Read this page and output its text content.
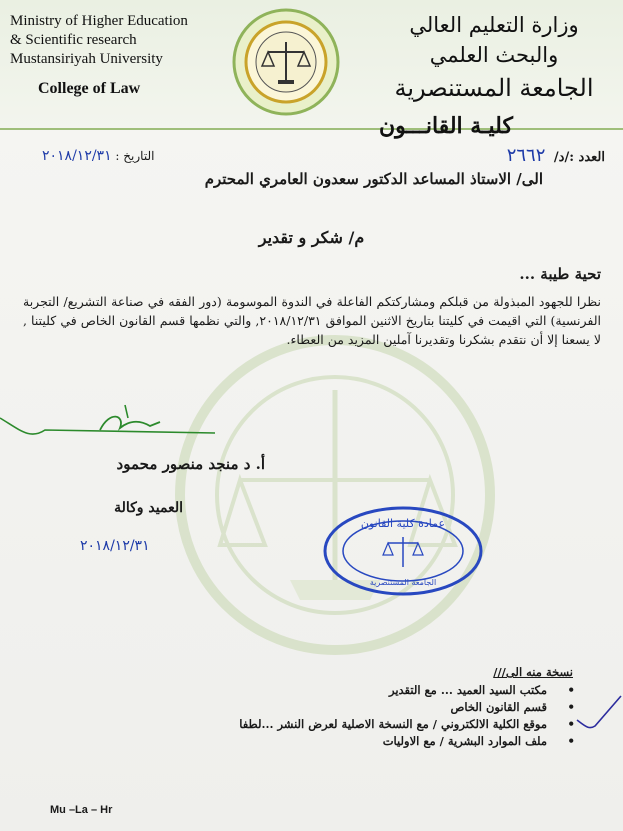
Ministry of Higher Education
& Scientific research
Mustansiriyah University
College of Law
وزارة التعليم العالي والبحث العلمي
الجامعة المستنصرية
كليـة القانـــون
العدد :/د/ ٢٦٦٢
التاريخ : ٢٠١٨/١٢/٣١
الى/ الاستاذ المساعد الدكتور سعدون العامري المحترم
م/ شكر و تقدير
تحية طيبة ...
نظرا للجهود المبذولة من قبلكم ومشاركتكم الفاعلة في الندوة الموسومة (دور الفقه في صناعة التشريع/ التجربة الفرنسية) التي اقيمت في كليتنا بتاريخ الاثنين الموافق ٢٠١٨/١٢/٣١, والتي نظمها قسم القانون الخاص في كليتنا , لا يسعنا إلا أن نتقدم بشكرنا وتقديرنا آملين المزيد من العطاء.
أ. د منجد منصور محمود
العميد وكالة
٢٠١٨/١٢/٣١
عمادة كلية القانون
الجامعة المستنصرية
نسخة منه الى///
• مكتب السيد العميد ... مع التقدير
• قسم القانون الخاص
• موقع الكلية الالكتروني / مع النسخة الاصلية لعرض النشر ...لطفا
• ملف الموارد البشرية / مع الاوليات
Mu –La – Hr
